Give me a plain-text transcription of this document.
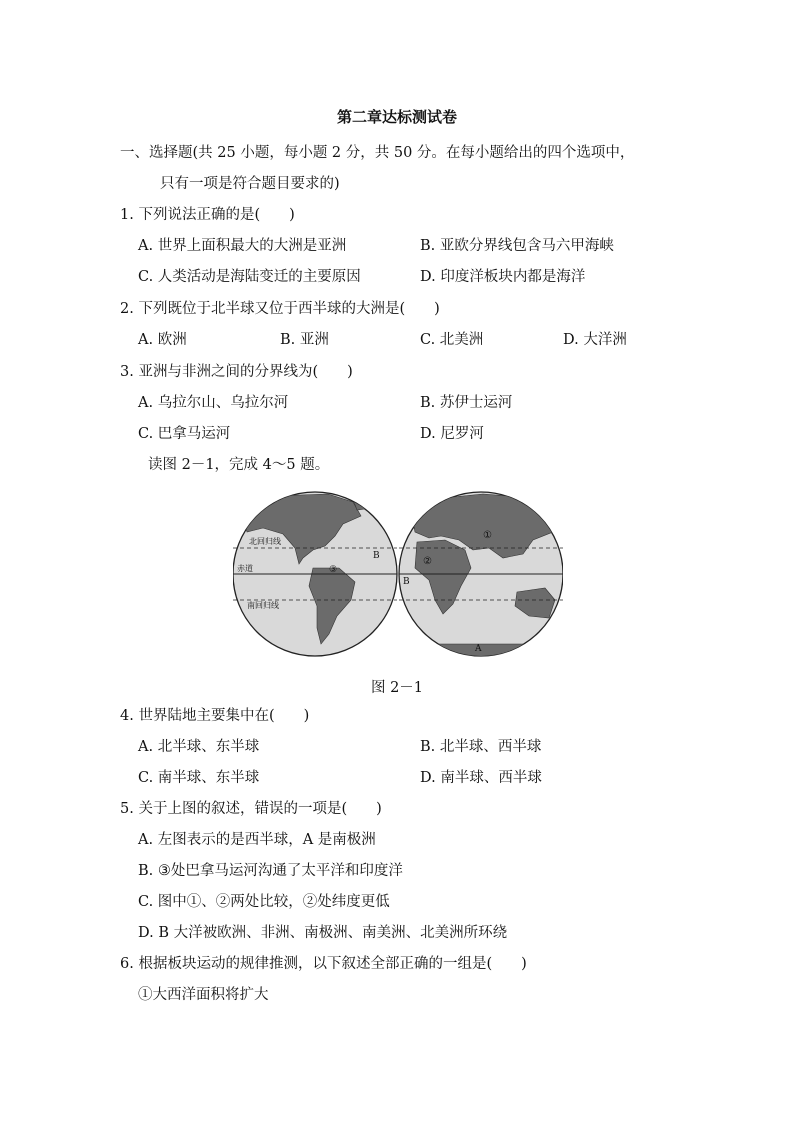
第二章达标测试卷
一、选择题(共 25 小题，每小题 2 分，共 50 分。在每小题给出的四个选项中，
只有一项是符合题目要求的)
1. 下列说法正确的是(　　)
A. 世界上面积最大的大洲是亚洲	B. 亚欧分界线包含马六甲海峡
C. 人类活动是海陆变迁的主要原因	D. 印度洋板块内都是海洋
2. 下列既位于北半球又位于西半球的大洲是(　　)
A. 欧洲	B. 亚洲	C. 北美洲	D. 大洋洲
3. 亚洲与非洲之间的分界线为(　　)
A. 乌拉尔山、乌拉尔河	B. 苏伊士运河
C. 巴拿马运河	D. 尼罗河
读图 2－1，完成 4～5 题。
北回归线
赤道
南回归线
B
③
①
②
B
A
图 2－1
4. 世界陆地主要集中在(　　)
A. 北半球、东半球	B. 北半球、西半球
C. 南半球、东半球	D. 南半球、西半球
5. 关于上图的叙述，错误的一项是(　　)
A. 左图表示的是西半球，A 是南极洲
B. ③处巴拿马运河沟通了太平洋和印度洋
C. 图中①、②两处比较，②处纬度更低
D. B 大洋被欧洲、非洲、南极洲、南美洲、北美洲所环绕
6. 根据板块运动的规律推测，以下叙述全部正确的一组是(　　)
①大西洋面积将扩大
